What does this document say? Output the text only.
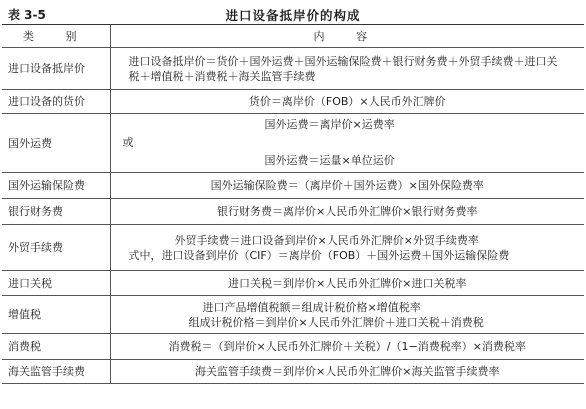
表 3-5	进口设备抵岸价的构成
类 别	内 容
进口设备抵岸价	进口设备抵岸价＝货价＋国外运费＋国外运输保险费＋银行财务费＋外贸手续费＋进口关
税＋增值税＋消费税＋海关监管手续费

进口设备的货价	货价＝离岸价（FOB）×人民币外汇牌价

国外运费	或
国外运费＝离岸价×运费率
国外运费＝运量×单位运价

国外运输保险费	国外运输保险费＝（离岸价＋国外运费）×国外保险费率

银行财务费	银行财务费＝离岸价×人民币外汇牌价×银行财务费率

外贸手续费	外贸手续费＝进口设备到岸价×人民币外汇牌价×外贸手续费率
式中，进口设备到岸价（CIF）＝离岸价（FOB）＋国外运费＋国外运输保险费

进口关税	进口关税＝到岸价×人民币外汇牌价×进口关税率

增值税	进口产品增值税额＝组成计税价格×增值税率
组成计税价格＝到岸价×人民币外汇牌价＋进口关税＋消费税

消费税	消费税＝（到岸价×人民币外汇牌价＋关税）/（1−消费税率）×消费税率

海关监管手续费	海关监管手续费＝到岸价×人民币外汇牌价×海关监管手续费率
